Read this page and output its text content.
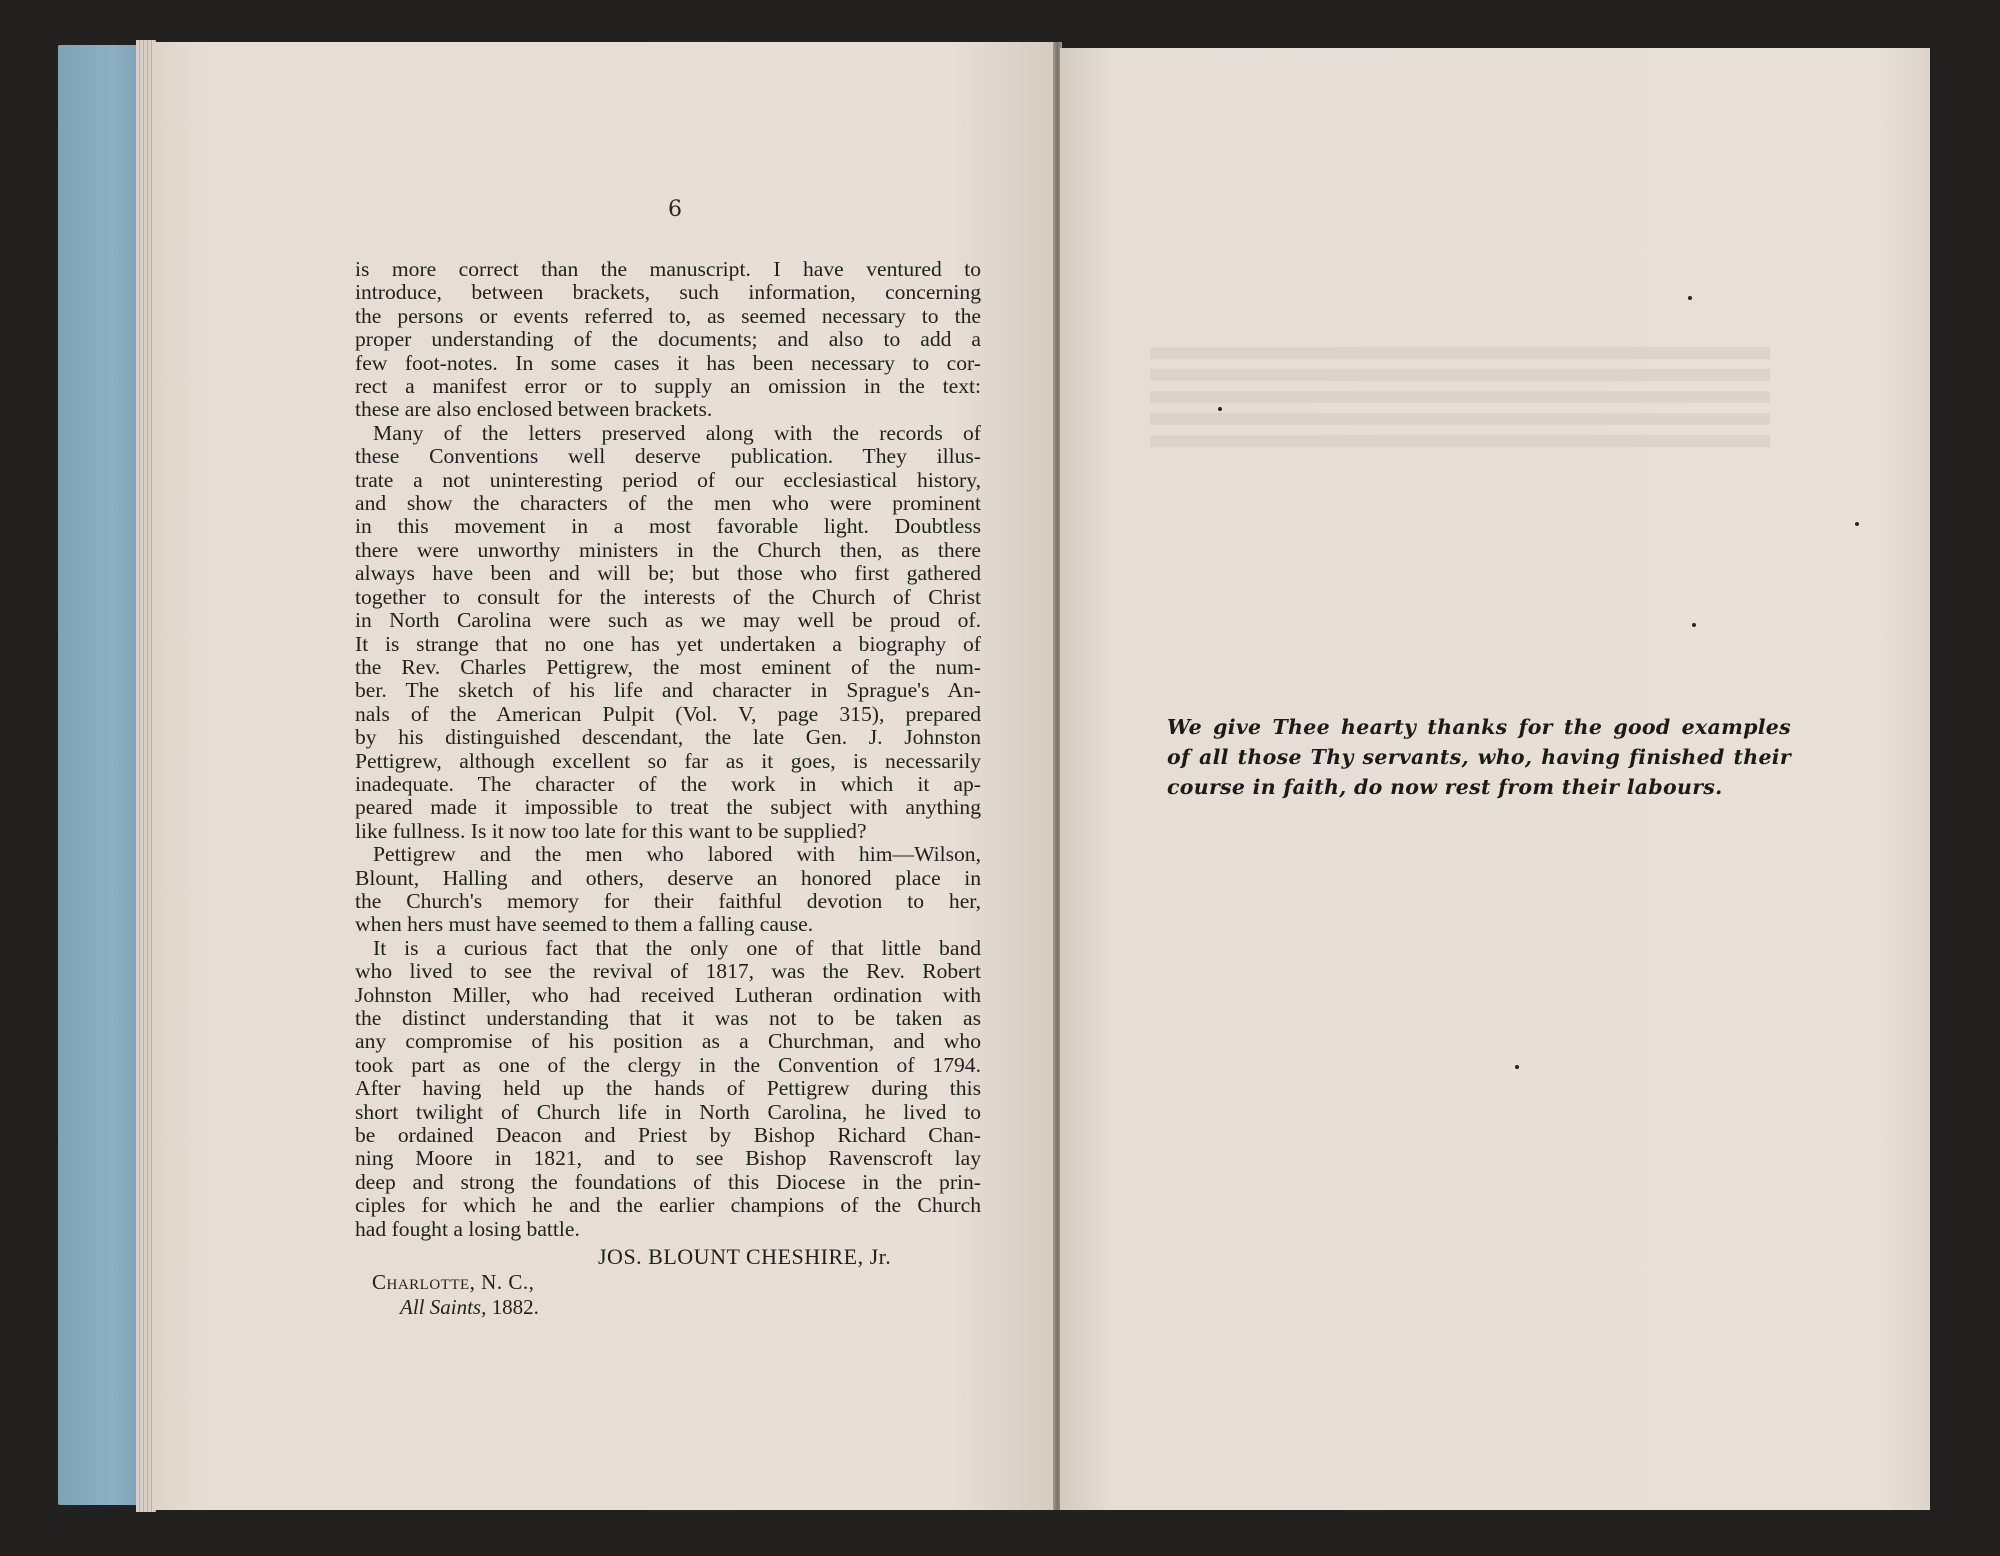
6
is more correct than the manuscript. I have ventured to
introduce, between brackets, such information, concerning
the persons or events referred to, as seemed necessary to the
proper understanding of the documents; and also to add a
few foot-notes. In some cases it has been necessary to cor-
rect a manifest error or to supply an omission in the text:
these are also enclosed between brackets.
Many of the letters preserved along with the records of
these Conventions well deserve publication. They illus-
trate a not uninteresting period of our ecclesiastical history,
and show the characters of the men who were prominent
in this movement in a most favorable light. Doubtless
there were unworthy ministers in the Church then, as there
always have been and will be; but those who first gathered
together to consult for the interests of the Church of Christ
in North Carolina were such as we may well be proud of.
It is strange that no one has yet undertaken a biography of
the Rev. Charles Pettigrew, the most eminent of the num-
ber. The sketch of his life and character in Sprague's An-
nals of the American Pulpit (Vol. V, page 315), prepared
by his distinguished descendant, the late Gen. J. Johnston
Pettigrew, although excellent so far as it goes, is necessarily
inadequate. The character of the work in which it ap-
peared made it impossible to treat the subject with anything
like fullness. Is it now too late for this want to be supplied?
Pettigrew and the men who labored with him—Wilson,
Blount, Halling and others, deserve an honored place in
the Church's memory for their faithful devotion to her,
when hers must have seemed to them a falling cause.
It is a curious fact that the only one of that little band
who lived to see the revival of 1817, was the Rev. Robert
Johnston Miller, who had received Lutheran ordination with
the distinct understanding that it was not to be taken as
any compromise of his position as a Churchman, and who
took part as one of the clergy in the Convention of 1794.
After having held up the hands of Pettigrew during this
short twilight of Church life in North Carolina, he lived to
be ordained Deacon and Priest by Bishop Richard Chan-
ning Moore in 1821, and to see Bishop Ravenscroft lay
deep and strong the foundations of this Diocese in the prin-
ciples for which he and the earlier champions of the Church
had fought a losing battle.
JOS. BLOUNT CHESHIRE, Jr.
Charlotte, N. C.,
All Saints, 1882.
We give Thee hearty thanks for the good examples
of all those Thy servants, who, having finished their
course in faith, do now rest from their labours.
